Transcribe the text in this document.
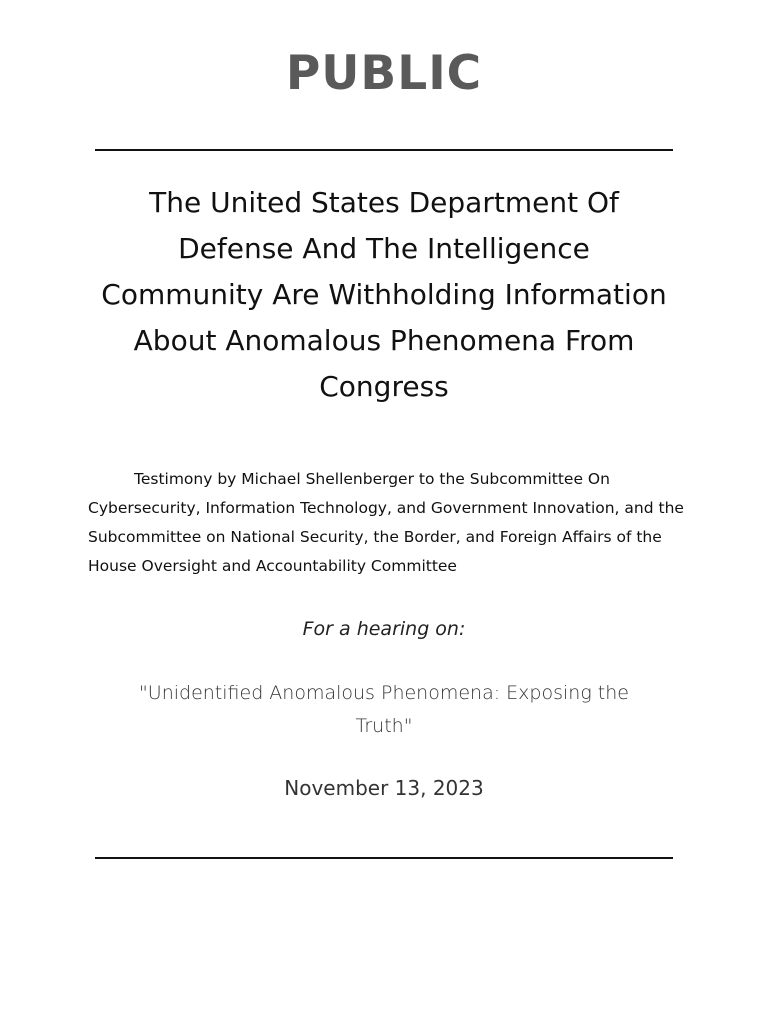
PUBLIC
The United States Department Of Defense And The Intelligence Community Are Withholding Information About Anomalous Phenomena From Congress

Testimony by Michael Shellenberger to the Subcommittee On Cybersecurity, Information Technology, and Government Innovation, and the Subcommittee on National Security, the Border, and Foreign Affairs of the House Oversight and Accountability Committee

For a hearing on:

"Unidentified Anomalous Phenomena: Exposing the Truth"

November 13, 2023
